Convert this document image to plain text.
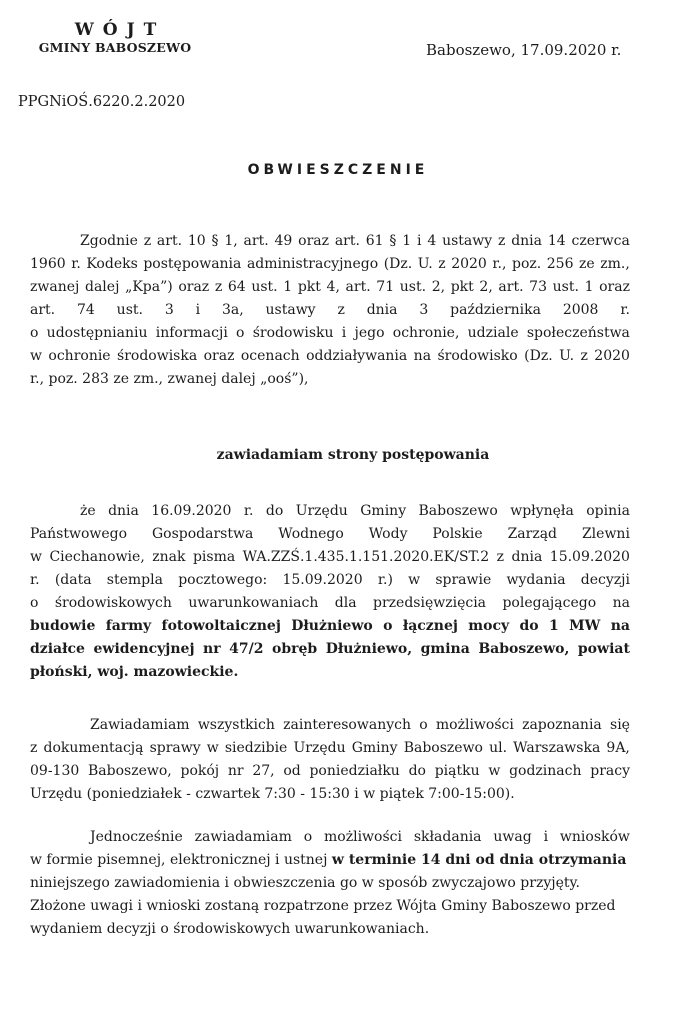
WÓJT
GMINY BABOSZEWO	Baboszewo, 17.09.2020 r.
PPGNiOŚ.6220.2.2020
OBWIESZCZENIE
Zgodnie z art. 10 § 1, art. 49 oraz art. 61 § 1 i 4 ustawy z dnia 14 czerwca
1960 r. Kodeks postępowania administracyjnego (Dz. U. z 2020 r., poz. 256 ze zm.,
zwanej dalej „Kpa”) oraz z 64 ust. 1 pkt 4, art. 71 ust. 2, pkt 2, art. 73 ust. 1 oraz
art. 74 ust. 3 i 3a, ustawy z dnia 3 października 2008 r.
o udostępnianiu informacji o środowisku i jego ochronie, udziale społeczeństwa
w ochronie środowiska oraz ocenach oddziaływania na środowisko (Dz. U. z 2020
r., poz. 283 ze zm., zwanej dalej „ooś”),
zawiadamiam strony postępowania
że dnia 16.09.2020 r. do Urzędu Gminy Baboszewo wpłynęła opinia
Państwowego Gospodarstwa Wodnego Wody Polskie Zarząd Zlewni
w Ciechanowie, znak pisma WA.ZZŚ.1.435.1.151.2020.EK/ST.2 z dnia 15.09.2020
r. (data stempla pocztowego: 15.09.2020 r.) w sprawie wydania decyzji
o środowiskowych uwarunkowaniach dla przedsięwzięcia polegającego na
budowie farmy fotowoltaicznej Dłużniewo o łącznej mocy do 1 MW na
działce ewidencyjnej nr 47/2 obręb Dłużniewo, gmina Baboszewo, powiat
płoński, woj. mazowieckie.
Zawiadamiam wszystkich zainteresowanych o możliwości zapoznania się
z dokumentacją sprawy w siedzibie Urzędu Gminy Baboszewo ul. Warszawska 9A,
09-130 Baboszewo, pokój nr 27, od poniedziałku do piątku w godzinach pracy
Urzędu (poniedziałek - czwartek 7:30 - 15:30 i w piątek 7:00-15:00).
Jednocześnie zawiadamiam o możliwości składania uwag i wniosków
w formie pisemnej, elektronicznej i ustnej w terminie 14 dni od dnia otrzymania
niniejszego zawiadomienia i obwieszczenia go w sposób zwyczajowo przyjęty.
Złożone uwagi i wnioski zostaną rozpatrzone przez Wójta Gminy Baboszewo przed
wydaniem decyzji o środowiskowych uwarunkowaniach.
